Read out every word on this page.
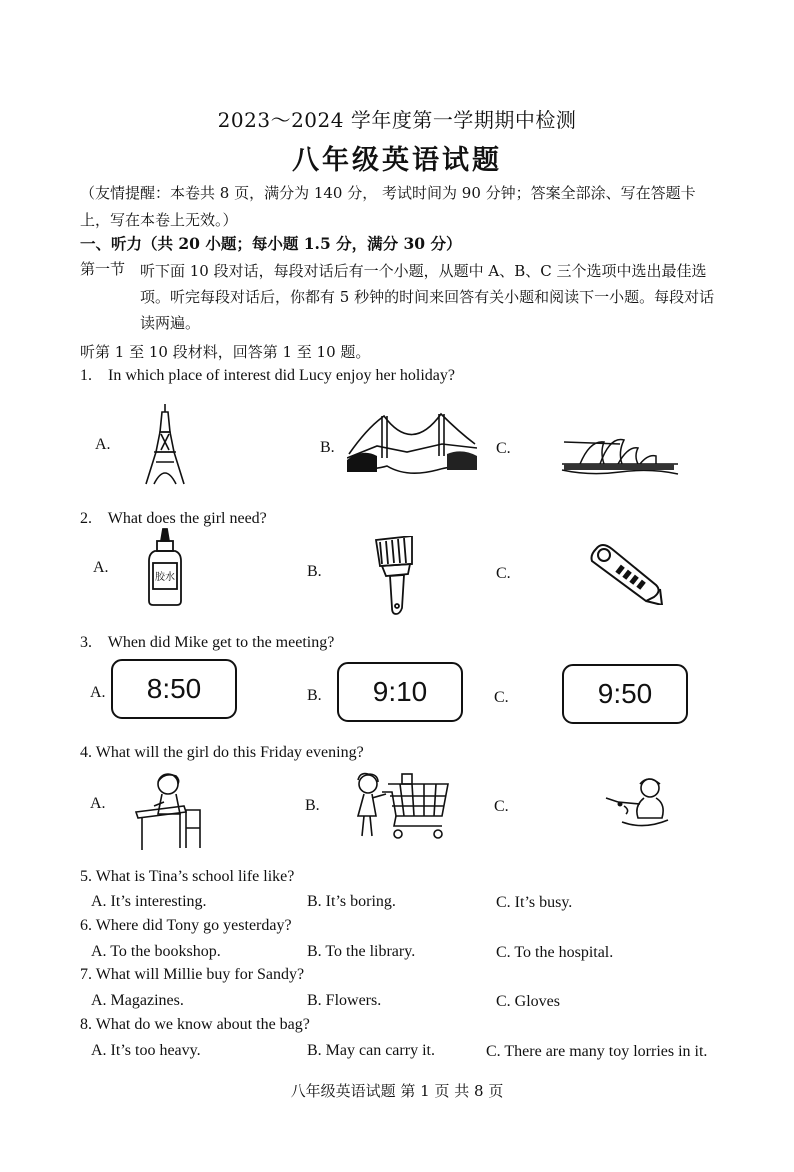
2023～2024 学年度第一学期期中检测
八年级英语试题
（友情提醒：本卷共 8 页，满分为 140 分， 考试时间为 90 分钟；答案全部涂、写在答题卡上，写在本卷上无效。）
一、听力（共 20 小题；每小题 1.5 分，满分 30 分）
第一节 听下面 10 段对话，每段对话后有一个小题，从题中 A、B、C 三个选项中选出最佳选项。听完每段对话后，你都有 5 秒钟的时间来回答有关小题和阅读下一小题。每段对话读两遍。
听第 1 至 10 段材料，回答第 1 至 10 题。
1. In which place of interest did Lucy enjoy her holiday?
A.	B.	C.
2. What does the girl need?
A.	B.	C.
胶水
3. When did Mike get to the meeting?
A.	B.	C.
8:50	9:10	9:50
4. What will the girl do this Friday evening?
A.	B.	C.
5. What is Tina’s school life like?
A. It’s interesting.	B. It’s boring.	C. It’s busy.
6. Where did Tony go yesterday?
A. To the bookshop.	B. To the library.	C. To the hospital.
7. What will Millie buy for Sandy?
A. Magazines.	B. Flowers.	C. Gloves
8. What do we know about the bag?
A. It’s too heavy.	B. May can carry it.	C. There are many toy lorries in it.
八年级英语试题 第 1 页 共 8 页
